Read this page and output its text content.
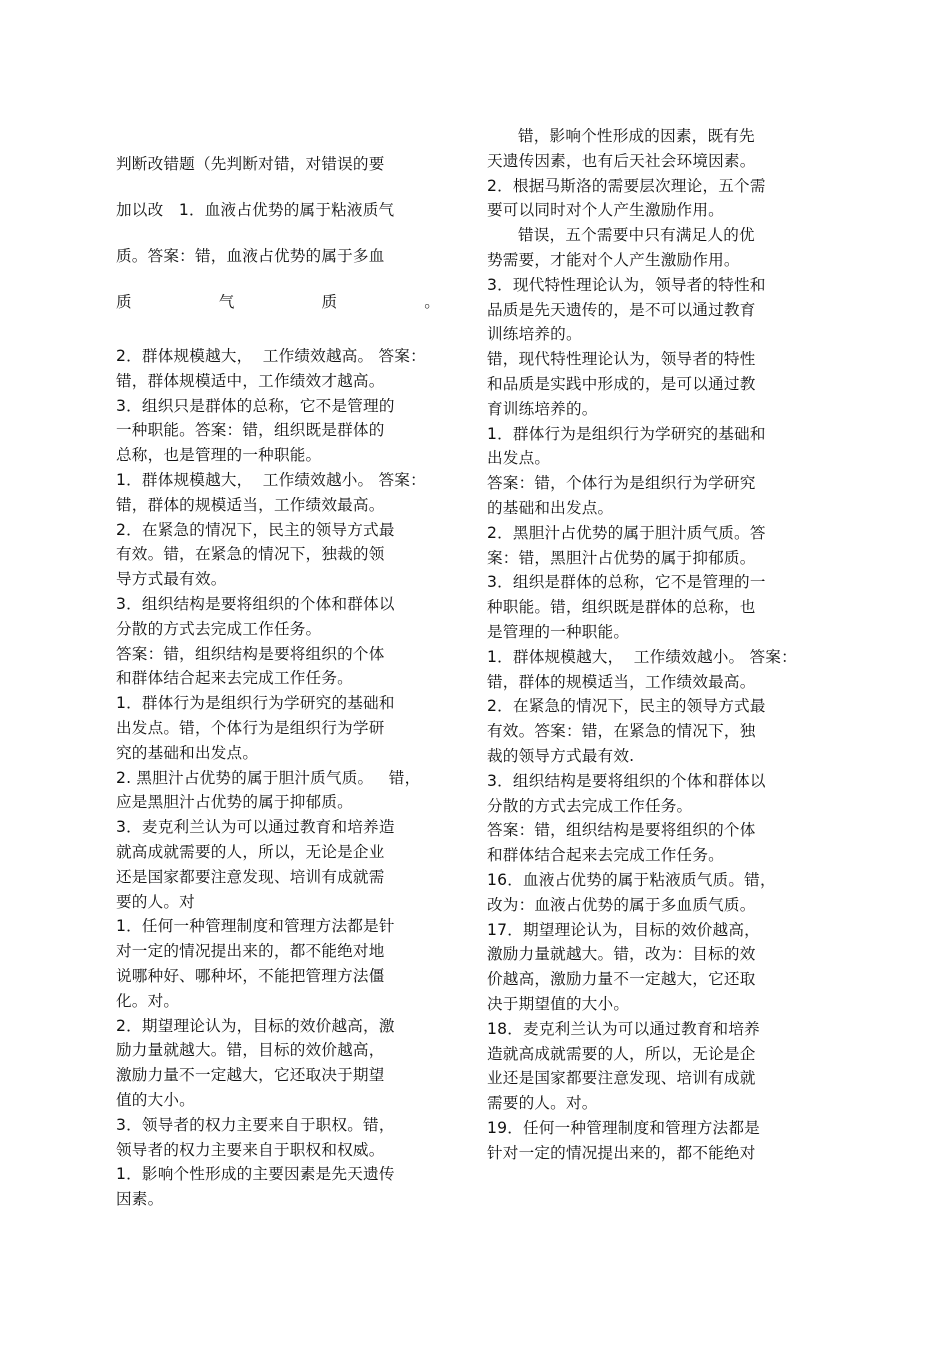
判断改错题（先判断对错，对错误的要
加以改   1．血液占优势的属于粘液质气
质。答案：错，血液占优势的属于多血
质	气	质	。
2．群体规模越大，  工作绩效越高。 答案：
错，群体规模适中，工作绩效才越高。
3．组织只是群体的总称，它不是管理的
一种职能。答案：错，组织既是群体的
总称，也是管理的一种职能。
1．群体规模越大，  工作绩效越小。 答案：
错，群体的规模适当，工作绩效最高。
2．在紧急的情况下，民主的领导方式最
有效。错，在紧急的情况下，独裁的领
导方式最有效。
3．组织结构是要将组织的个体和群体以
分散的方式去完成工作任务。
答案：错，组织结构是要将组织的个体
和群体结合起来去完成工作任务。
1．群体行为是组织行为学研究的基础和
出发点。错，个体行为是组织行为学研
究的基础和出发点。
2. 黑胆汁占优势的属于胆汁质气质。   错，
应是黑胆汁占优势的属于抑郁质。
3．麦克利兰认为可以通过教育和培养造
就高成就需要的人，所以，无论是企业
还是国家都要注意发现、培训有成就需
要的人。对
1．任何一种管理制度和管理方法都是针
对一定的情况提出来的，都不能绝对地
说哪种好、哪种坏，不能把管理方法僵
化。对。
2．期望理论认为，目标的效价越高，激
励力量就越大。错，目标的效价越高，
激励力量不一定越大，它还取决于期望
值的大小。
3．领导者的权力主要来自于职权。错，
领导者的权力主要来自于职权和权威。
1．影响个性形成的主要因素是先天遗传
因素。
错，影响个性形成的因素，既有先
天遗传因素，也有后天社会环境因素。
2．根据马斯洛的需要层次理论，五个需
要可以同时对个人产生激励作用。
错误，五个需要中只有满足人的优
势需要，才能对个人产生激励作用。
3．现代特性理论认为，领导者的特性和
品质是先天遗传的，是不可以通过教育
训练培养的。
错，现代特性理论认为，领导者的特性
和品质是实践中形成的，是可以通过教
育训练培养的。
1．群体行为是组织行为学研究的基础和
出发点。
答案：错，个体行为是组织行为学研究
的基础和出发点。
2．黑胆汁占优势的属于胆汁质气质。答
案：错，黑胆汁占优势的属于抑郁质。
3．组织是群体的总称，它不是管理的一
种职能。错，组织既是群体的总称，也
是管理的一种职能。
1．群体规模越大，  工作绩效越小。 答案：
错，群体的规模适当，工作绩效最高。
2．在紧急的情况下，民主的领导方式最
有效。答案：错，在紧急的情况下，独
裁的领导方式最有效.
3．组织结构是要将组织的个体和群体以
分散的方式去完成工作任务。
答案：错，组织结构是要将组织的个体
和群体结合起来去完成工作任务。
16．血液占优势的属于粘液质气质。错，
改为：血液占优势的属于多血质气质。
17．期望理论认为，目标的效价越高，
激励力量就越大。错，改为：目标的效
价越高，激励力量不一定越大，它还取
决于期望值的大小。
18．麦克利兰认为可以通过教育和培养
造就高成就需要的人，所以，无论是企
业还是国家都要注意发现、培训有成就
需要的人。对。
19．任何一种管理制度和管理方法都是
针对一定的情况提出来的，都不能绝对
